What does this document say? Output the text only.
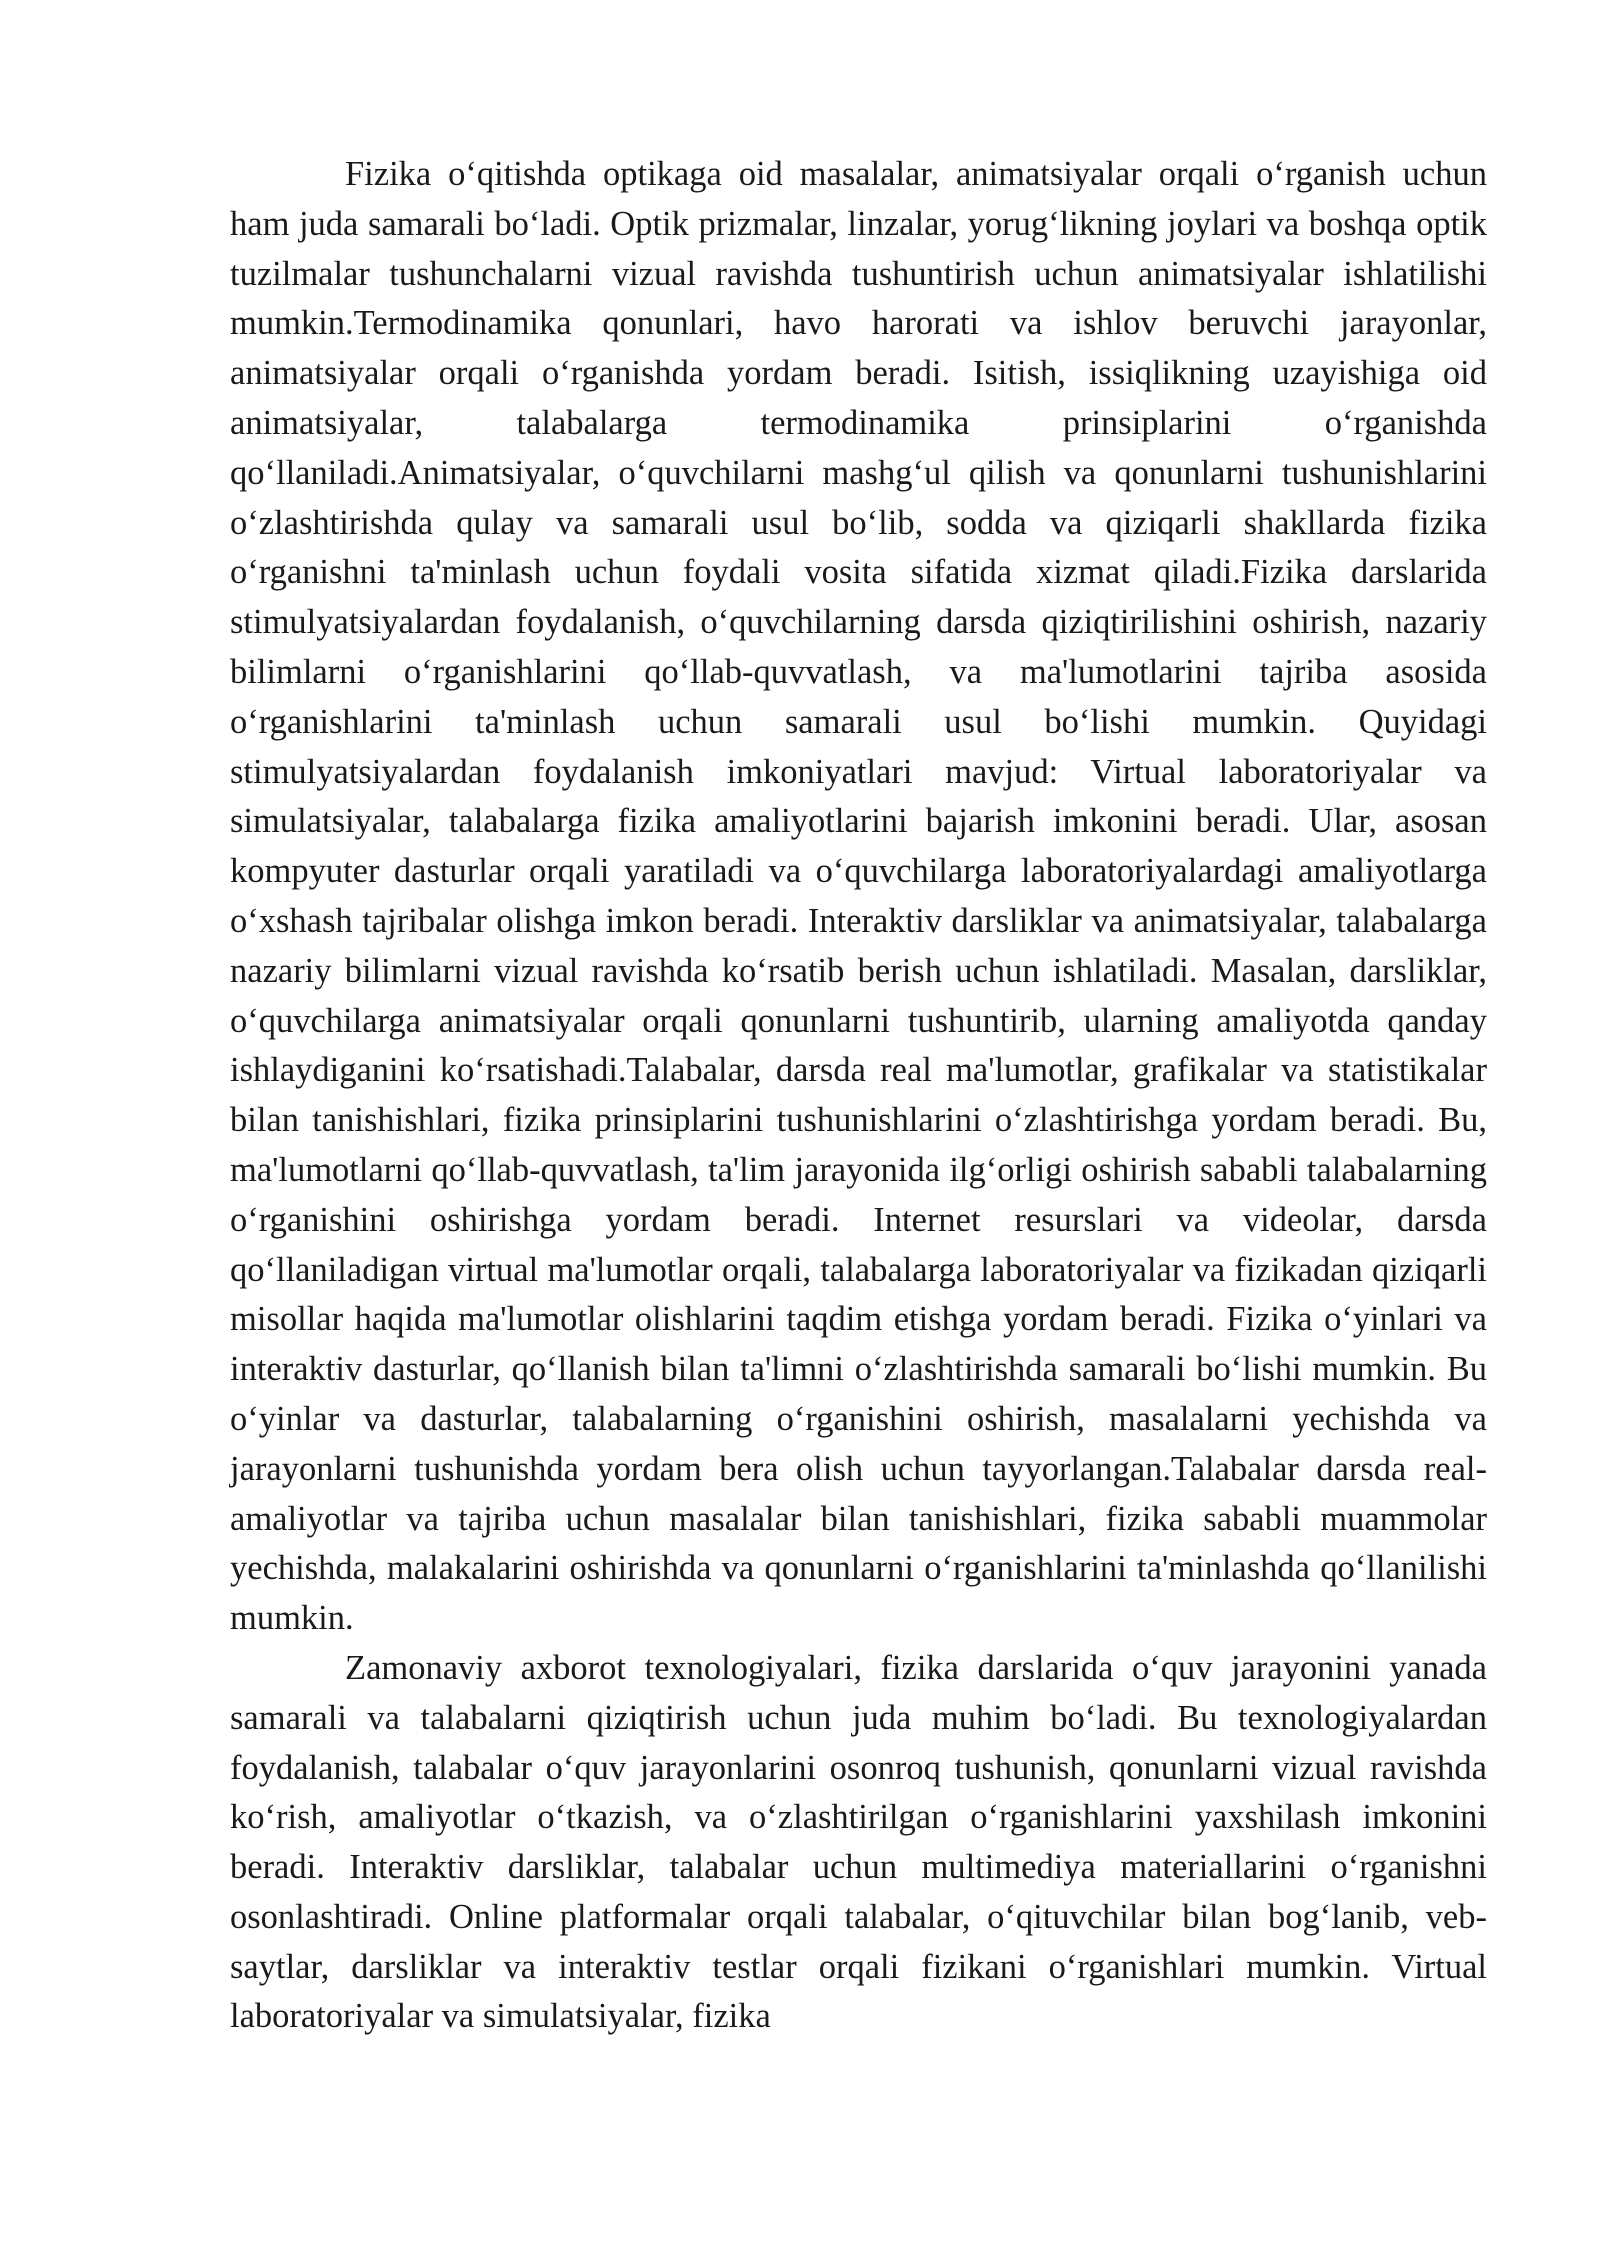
Fizika o‘qitishda optikaga oid masalalar, animatsiyalar orqali o‘rganish uchun ham juda samarali bo‘ladi. Optik prizmalar, linzalar, yorug‘likning joylari va boshqa optik tuzilmalar tushunchalarni vizual ravishda tushuntirish uchun animatsiyalar ishlatilishi mumkin.Termodinamika qonunlari, havo harorati va ishlov beruvchi jarayonlar, animatsiyalar orqali o‘rganishda yordam beradi. Isitish, issiqlikning uzayishiga oid animatsiyalar, talabalarga termodinamika prinsiplarini o‘rganishda qo‘llaniladi.Animatsiyalar, o‘quvchilarni mashg‘ul qilish va qonunlarni tushunishlarini o‘zlashtirishda qulay va samarali usul bo‘lib, sodda va qiziqarli shakllarda fizika o‘rganishni ta'minlash uchun foydali vosita sifatida xizmat qiladi.Fizika darslarida stimulyatsiyalardan foydalanish, o‘quvchilarning darsda qiziqtirilishini oshirish, nazariy bilimlarni o‘rganishlarini qo‘llab-quvvatlash, va ma'lumotlarini tajriba asosida o‘rganishlarini ta'minlash uchun samarali usul bo‘lishi mumkin. Quyidagi stimulyatsiyalardan foydalanish imkoniyatlari mavjud: Virtual laboratoriyalar va simulatsiyalar, talabalarga fizika amaliyotlarini bajarish imkonini beradi. Ular, asosan kompyuter dasturlar orqali yaratiladi va o‘quvchilarga laboratoriyalardagi amaliyotlarga o‘xshash tajribalar olishga imkon beradi. Interaktiv darsliklar va animatsiyalar, talabalarga nazariy bilimlarni vizual ravishda ko‘rsatib berish uchun ishlatiladi. Masalan, darsliklar, o‘quvchilarga animatsiyalar orqali qonunlarni tushuntirib, ularning amaliyotda qanday ishlaydiganini ko‘rsatishadi.Talabalar, darsda real ma'lumotlar, grafikalar va statistikalar bilan tanishishlari, fizika prinsiplarini tushunishlarini o‘zlashtirishga yordam beradi. Bu, ma'lumotlarni qo‘llab-quvvatlash, ta'lim jarayonida ilg‘orligi oshirish sababli talabalarning o‘rganishini oshirishga yordam beradi. Internet resurslari va videolar, darsda qo‘llaniladigan virtual ma'lumotlar orqali, talabalarga laboratoriyalar va fizikadan qiziqarli misollar haqida ma'lumotlar olishlarini taqdim etishga yordam beradi. Fizika o‘yinlari va interaktiv dasturlar, qo‘llanish bilan ta'limni o‘zlashtirishda samarali bo‘lishi mumkin. Bu o‘yinlar va dasturlar, talabalarning o‘rganishini oshirish, masalalarni yechishda va jarayonlarni tushunishda yordam bera olish uchun tayyorlangan.Talabalar darsda real-amaliyotlar va tajriba uchun masalalar bilan tanishishlari, fizika sababli muammolar yechishda, malakalarini oshirishda va qonunlarni o‘rganishlarini ta'minlashda qo‘llanilishi mumkin.

Zamonaviy axborot texnologiyalari, fizika darslarida o‘quv jarayonini yanada samarali va talabalarni qiziqtirish uchun juda muhim bo‘ladi. Bu texnologiyalardan foydalanish, talabalar o‘quv jarayonlarini osonroq tushunish, qonunlarni vizual ravishda ko‘rish, amaliyotlar o‘tkazish, va o‘zlashtirilgan o‘rganishlarini yaxshilash imkonini beradi. Interaktiv darsliklar, talabalar uchun multimediya materiallarini o‘rganishni osonlashtiradi. Online platformalar orqali talabalar, o‘qituvchilar bilan bog‘lanib, veb-saytlar, darsliklar va interaktiv testlar orqali fizikani o‘rganishlari mumkin. Virtual laboratoriyalar va simulatsiyalar, fizika
